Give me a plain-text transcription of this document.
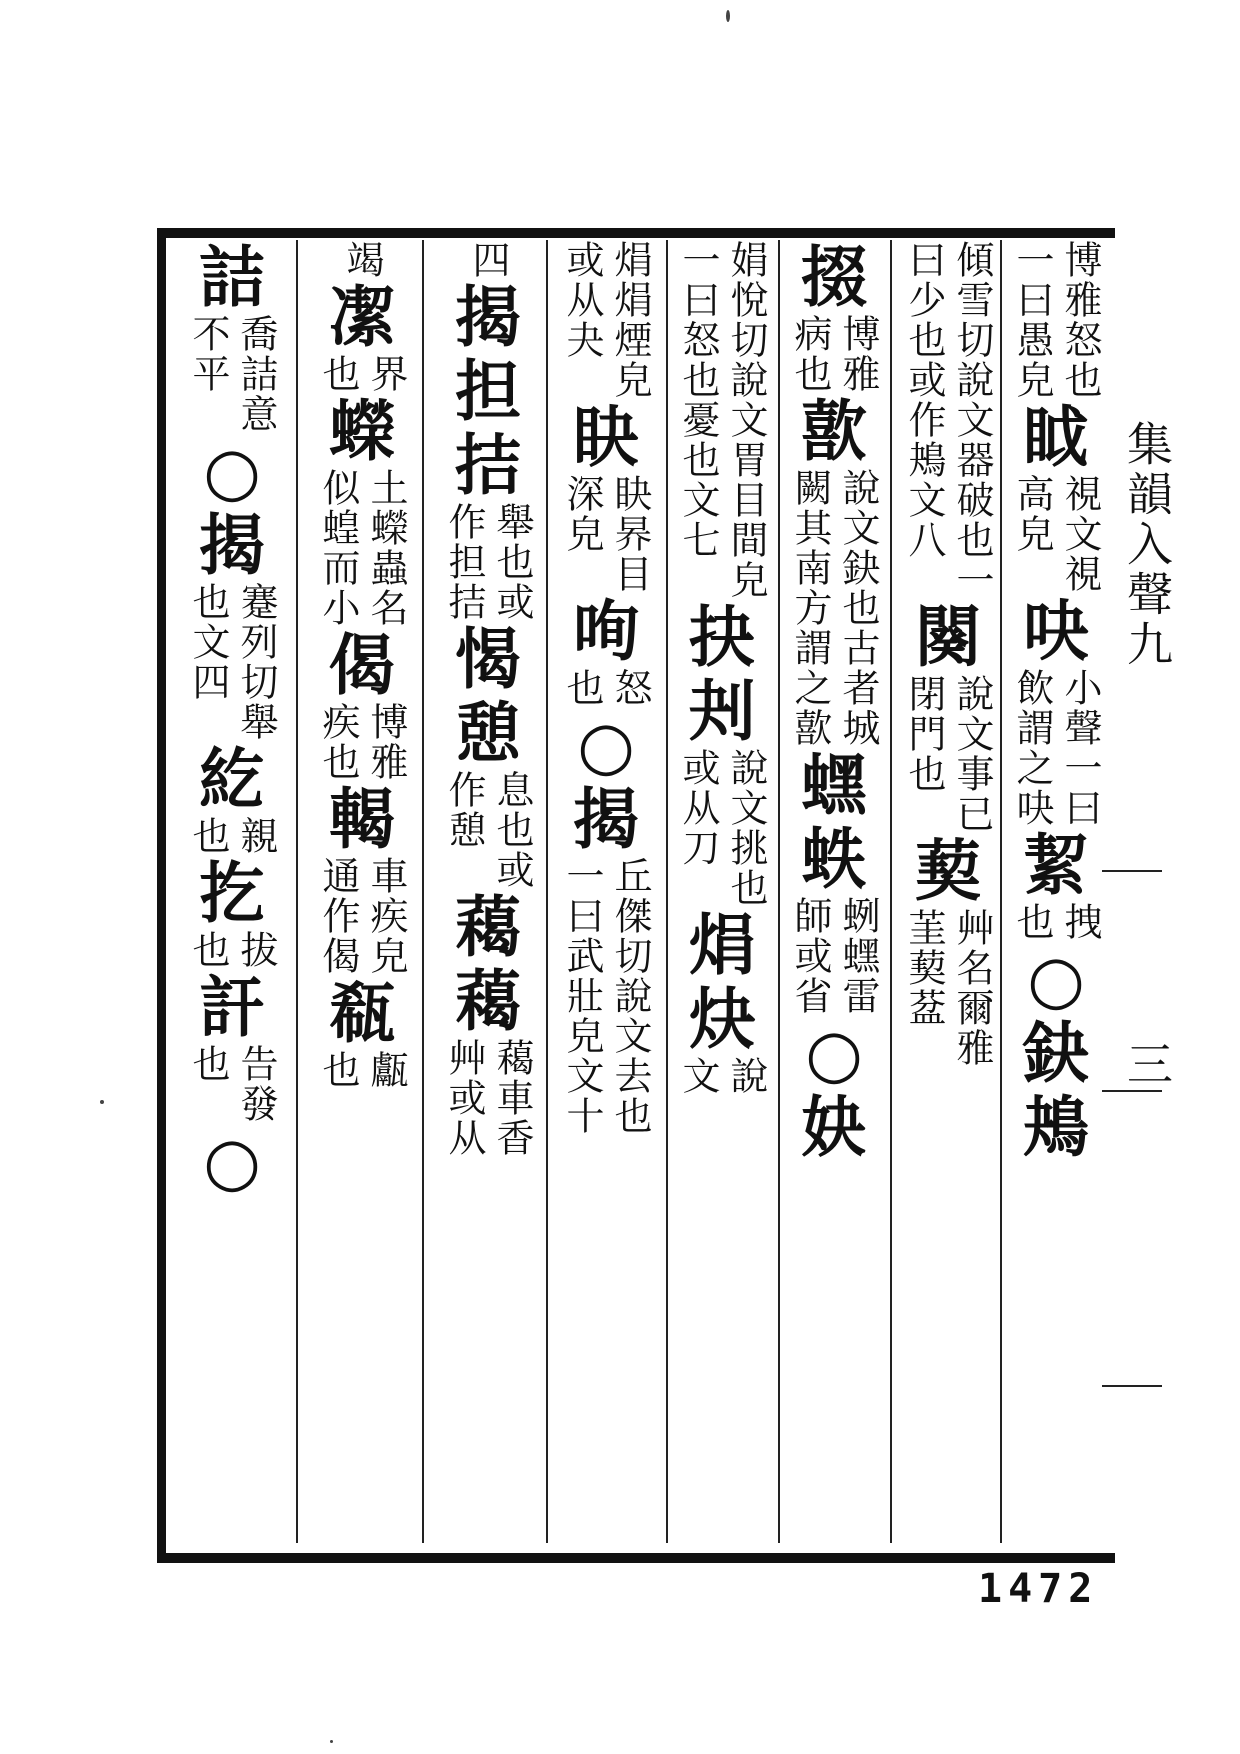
集韻入聲九
三
博雅怒也
一曰愚皃
眓
視文視
高皃
吷
小聲一曰
飲謂之吷
絜
拽
也
○
鈌
鴂
傾雪切說文器破也一
曰少也或作鴂文八
闋
說文事已
閉門也
葜
艸名爾雅
茥葜葐
掇
博雅
病也
歖
說文鈌也古者城
闕其南方謂之歖
蟔
蛈
蛚蟔雷
師或省
○
妜
娟悅切說文胃目間皃
一曰怒也憂也文七
抉
刔
說文挑也
或从刀
焆
炔
說
文
焆焆煙皃
或从夬
䀗
䀗昦目
深皃
咰
怒
也
○
揭
丘傑切說文去也
一曰武壯皃文十
四
揭
担
拮
舉也或
作担拮
愒
憩
息也或
作憩
藒
藒
藒車香
艸或从
竭
㓗
界
也
蠑
土蠑蟲名
似蝗而小
偈
博雅
疾也
輵
車疾皃
通作偈
瓻
甗
也
詰
喬詰意
不平
○
揭
蹇列切舉
也文四
紇
親
也
扢
拔
也
訐
告發
也
○
1472
